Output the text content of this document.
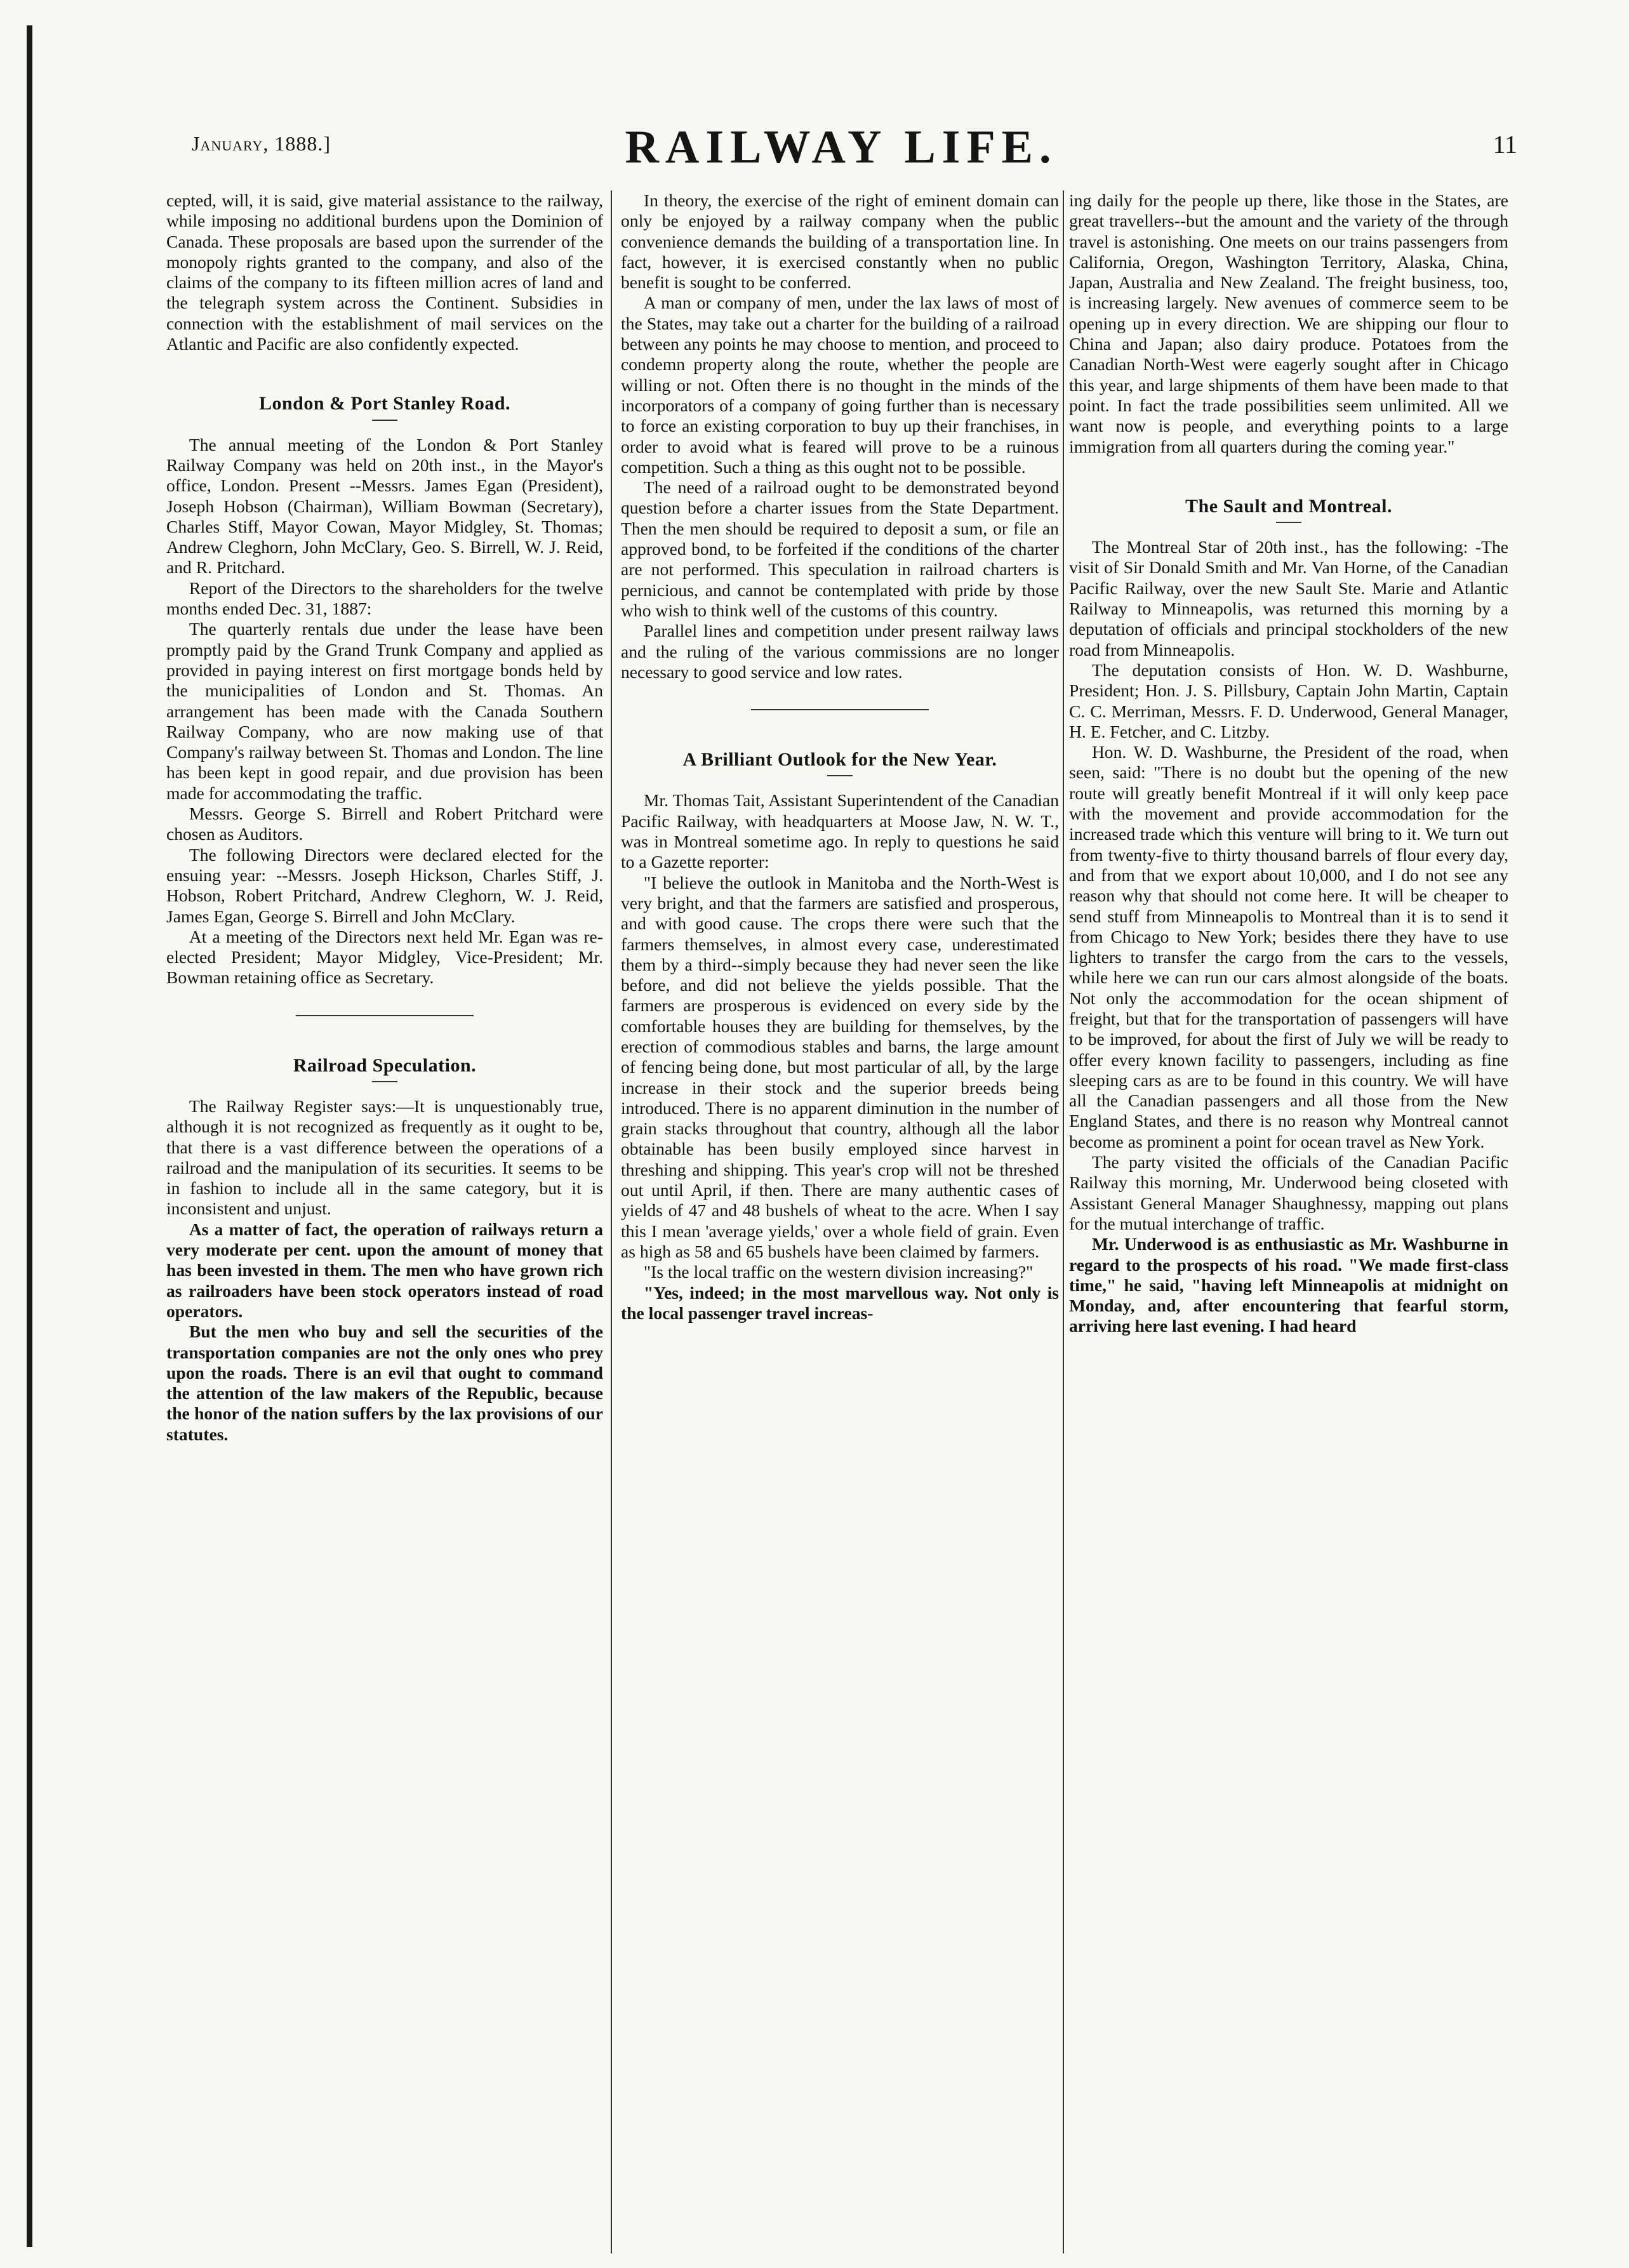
January, 1888.]	RAILWAY LIFE.	11

cepted, will, it is said, give material assistance to the railway, while imposing no additional burdens upon the Dominion of Canada. These proposals are based upon the surrender of the monopoly rights granted to the company, and also of the claims of the company to its fifteen million acres of land and the telegraph system across the Continent. Subsidies in connection with the establishment of mail services on the Atlantic and Pacific are also confidently expected.

London & Port Stanley Road.

The annual meeting of the London & Port Stanley Railway Company was held on 20th inst., in the Mayor's office, London. Present --Messrs. James Egan (President), Joseph Hobson (Chairman), William Bowman (Secretary), Charles Stiff, Mayor Cowan, Mayor Midgley, St. Thomas; Andrew Cleghorn, John McClary, Geo. S. Birrell, W. J. Reid, and R. Pritchard.

Report of the Directors to the shareholders for the twelve months ended Dec. 31, 1887:

The quarterly rentals due under the lease have been promptly paid by the Grand Trunk Company and applied as provided in paying interest on first mortgage bonds held by the municipalities of London and St. Thomas. An arrangement has been made with the Canada Southern Railway Company, who are now making use of that Company's railway between St. Thomas and London. The line has been kept in good repair, and due provision has been made for accommodating the traffic.

Messrs. George S. Birrell and Robert Pritchard were chosen as Auditors.

The following Directors were declared elected for the ensuing year: --Messrs. Joseph Hickson, Charles Stiff, J. Hobson, Robert Pritchard, Andrew Cleghorn, W. J. Reid, James Egan, George S. Birrell and John McClary.

At a meeting of the Directors next held Mr. Egan was re-elected President; Mayor Midgley, Vice-President; Mr. Bowman retaining office as Secretary.

Railroad Speculation.

The Railway Register says:—It is unquestionably true, although it is not recognized as frequently as it ought to be, that there is a vast difference between the operations of a railroad and the manipulation of its securities. It seems to be in fashion to include all in the same category, but it is inconsistent and unjust.

As a matter of fact, the operation of railways return a very moderate per cent. upon the amount of money that has been invested in them. The men who have grown rich as railroaders have been stock operators instead of road operators.

But the men who buy and sell the securities of the transportation companies are not the only ones who prey upon the roads. There is an evil that ought to command the attention of the law makers of the Republic, because the honor of the nation suffers by the lax provisions of our statutes.

In theory, the exercise of the right of eminent domain can only be enjoyed by a railway company when the public convenience demands the building of a transportation line. In fact, however, it is exercised constantly when no public benefit is sought to be conferred.

A man or company of men, under the lax laws of most of the States, may take out a charter for the building of a railroad between any points he may choose to mention, and proceed to condemn property along the route, whether the people are willing or not. Often there is no thought in the minds of the incorporators of a company of going further than is necessary to force an existing corporation to buy up their franchises, in order to avoid what is feared will prove to be a ruinous competition. Such a thing as this ought not to be possible.

The need of a railroad ought to be demonstrated beyond question before a charter issues from the State Department. Then the men should be required to deposit a sum, or file an approved bond, to be forfeited if the conditions of the charter are not performed. This speculation in railroad charters is pernicious, and cannot be contemplated with pride by those who wish to think well of the customs of this country.

Parallel lines and competition under present railway laws and the ruling of the various commissions are no longer necessary to good service and low rates.

A Brilliant Outlook for the New Year.

Mr. Thomas Tait, Assistant Superintendent of the Canadian Pacific Railway, with headquarters at Moose Jaw, N. W. T., was in Montreal sometime ago. In reply to questions he said to a Gazette reporter:

"I believe the outlook in Manitoba and the North-West is very bright, and that the farmers are satisfied and prosperous, and with good cause. The crops there were such that the farmers themselves, in almost every case, underestimated them by a third--simply because they had never seen the like before, and did not believe the yields possible. That the farmers are prosperous is evidenced on every side by the comfortable houses they are building for themselves, by the erection of commodious stables and barns, the large amount of fencing being done, but most particular of all, by the large increase in their stock and the superior breeds being introduced. There is no apparent diminution in the number of grain stacks throughout that country, although all the labor obtainable has been busily employed since harvest in threshing and shipping. This year's crop will not be threshed out until April, if then. There are many authentic cases of yields of 47 and 48 bushels of wheat to the acre. When I say this I mean 'average yields,' over a whole field of grain. Even as high as 58 and 65 bushels have been claimed by farmers.

"Is the local traffic on the western division increasing?"

"Yes, indeed; in the most marvellous way. Not only is the local passenger travel increas-

ing daily for the people up there, like those in the States, are great travellers--but the amount and the variety of the through travel is astonishing. One meets on our trains passengers from California, Oregon, Washington Territory, Alaska, China, Japan, Australia and New Zealand. The freight business, too, is increasing largely. New avenues of commerce seem to be opening up in every direction. We are shipping our flour to China and Japan; also dairy produce. Potatoes from the Canadian North-West were eagerly sought after in Chicago this year, and large shipments of them have been made to that point. In fact the trade possibilities seem unlimited. All we want now is people, and everything points to a large immigration from all quarters during the coming year."

The Sault and Montreal.

The Montreal Star of 20th inst., has the following: -The visit of Sir Donald Smith and Mr. Van Horne, of the Canadian Pacific Railway, over the new Sault Ste. Marie and Atlantic Railway to Minneapolis, was returned this morning by a deputation of officials and principal stockholders of the new road from Minneapolis.

The deputation consists of Hon. W. D. Washburne, President; Hon. J. S. Pillsbury, Captain John Martin, Captain C. C. Merriman, Messrs. F. D. Underwood, General Manager, H. E. Fetcher, and C. Litzby.

Hon. W. D. Washburne, the President of the road, when seen, said: "There is no doubt but the opening of the new route will greatly benefit Montreal if it will only keep pace with the movement and provide accommodation for the increased trade which this venture will bring to it. We turn out from twenty-five to thirty thousand barrels of flour every day, and from that we export about 10,000, and I do not see any reason why that should not come here. It will be cheaper to send stuff from Minneapolis to Montreal than it is to send it from Chicago to New York; besides there they have to use lighters to transfer the cargo from the cars to the vessels, while here we can run our cars almost alongside of the boats. Not only the accommodation for the ocean shipment of freight, but that for the transportation of passengers will have to be improved, for about the first of July we will be ready to offer every known facility to passengers, including as fine sleeping cars as are to be found in this country. We will have all the Canadian passengers and all those from the New England States, and there is no reason why Montreal cannot become as prominent a point for ocean travel as New York.

The party visited the officials of the Canadian Pacific Railway this morning, Mr. Underwood being closeted with Assistant General Manager Shaughnessy, mapping out plans for the mutual interchange of traffic.

Mr. Underwood is as enthusiastic as Mr. Washburne in regard to the prospects of his road. "We made first-class time," he said, "having left Minneapolis at midnight on Monday, and, after encountering that fearful storm, arriving here last evening. I had heard
